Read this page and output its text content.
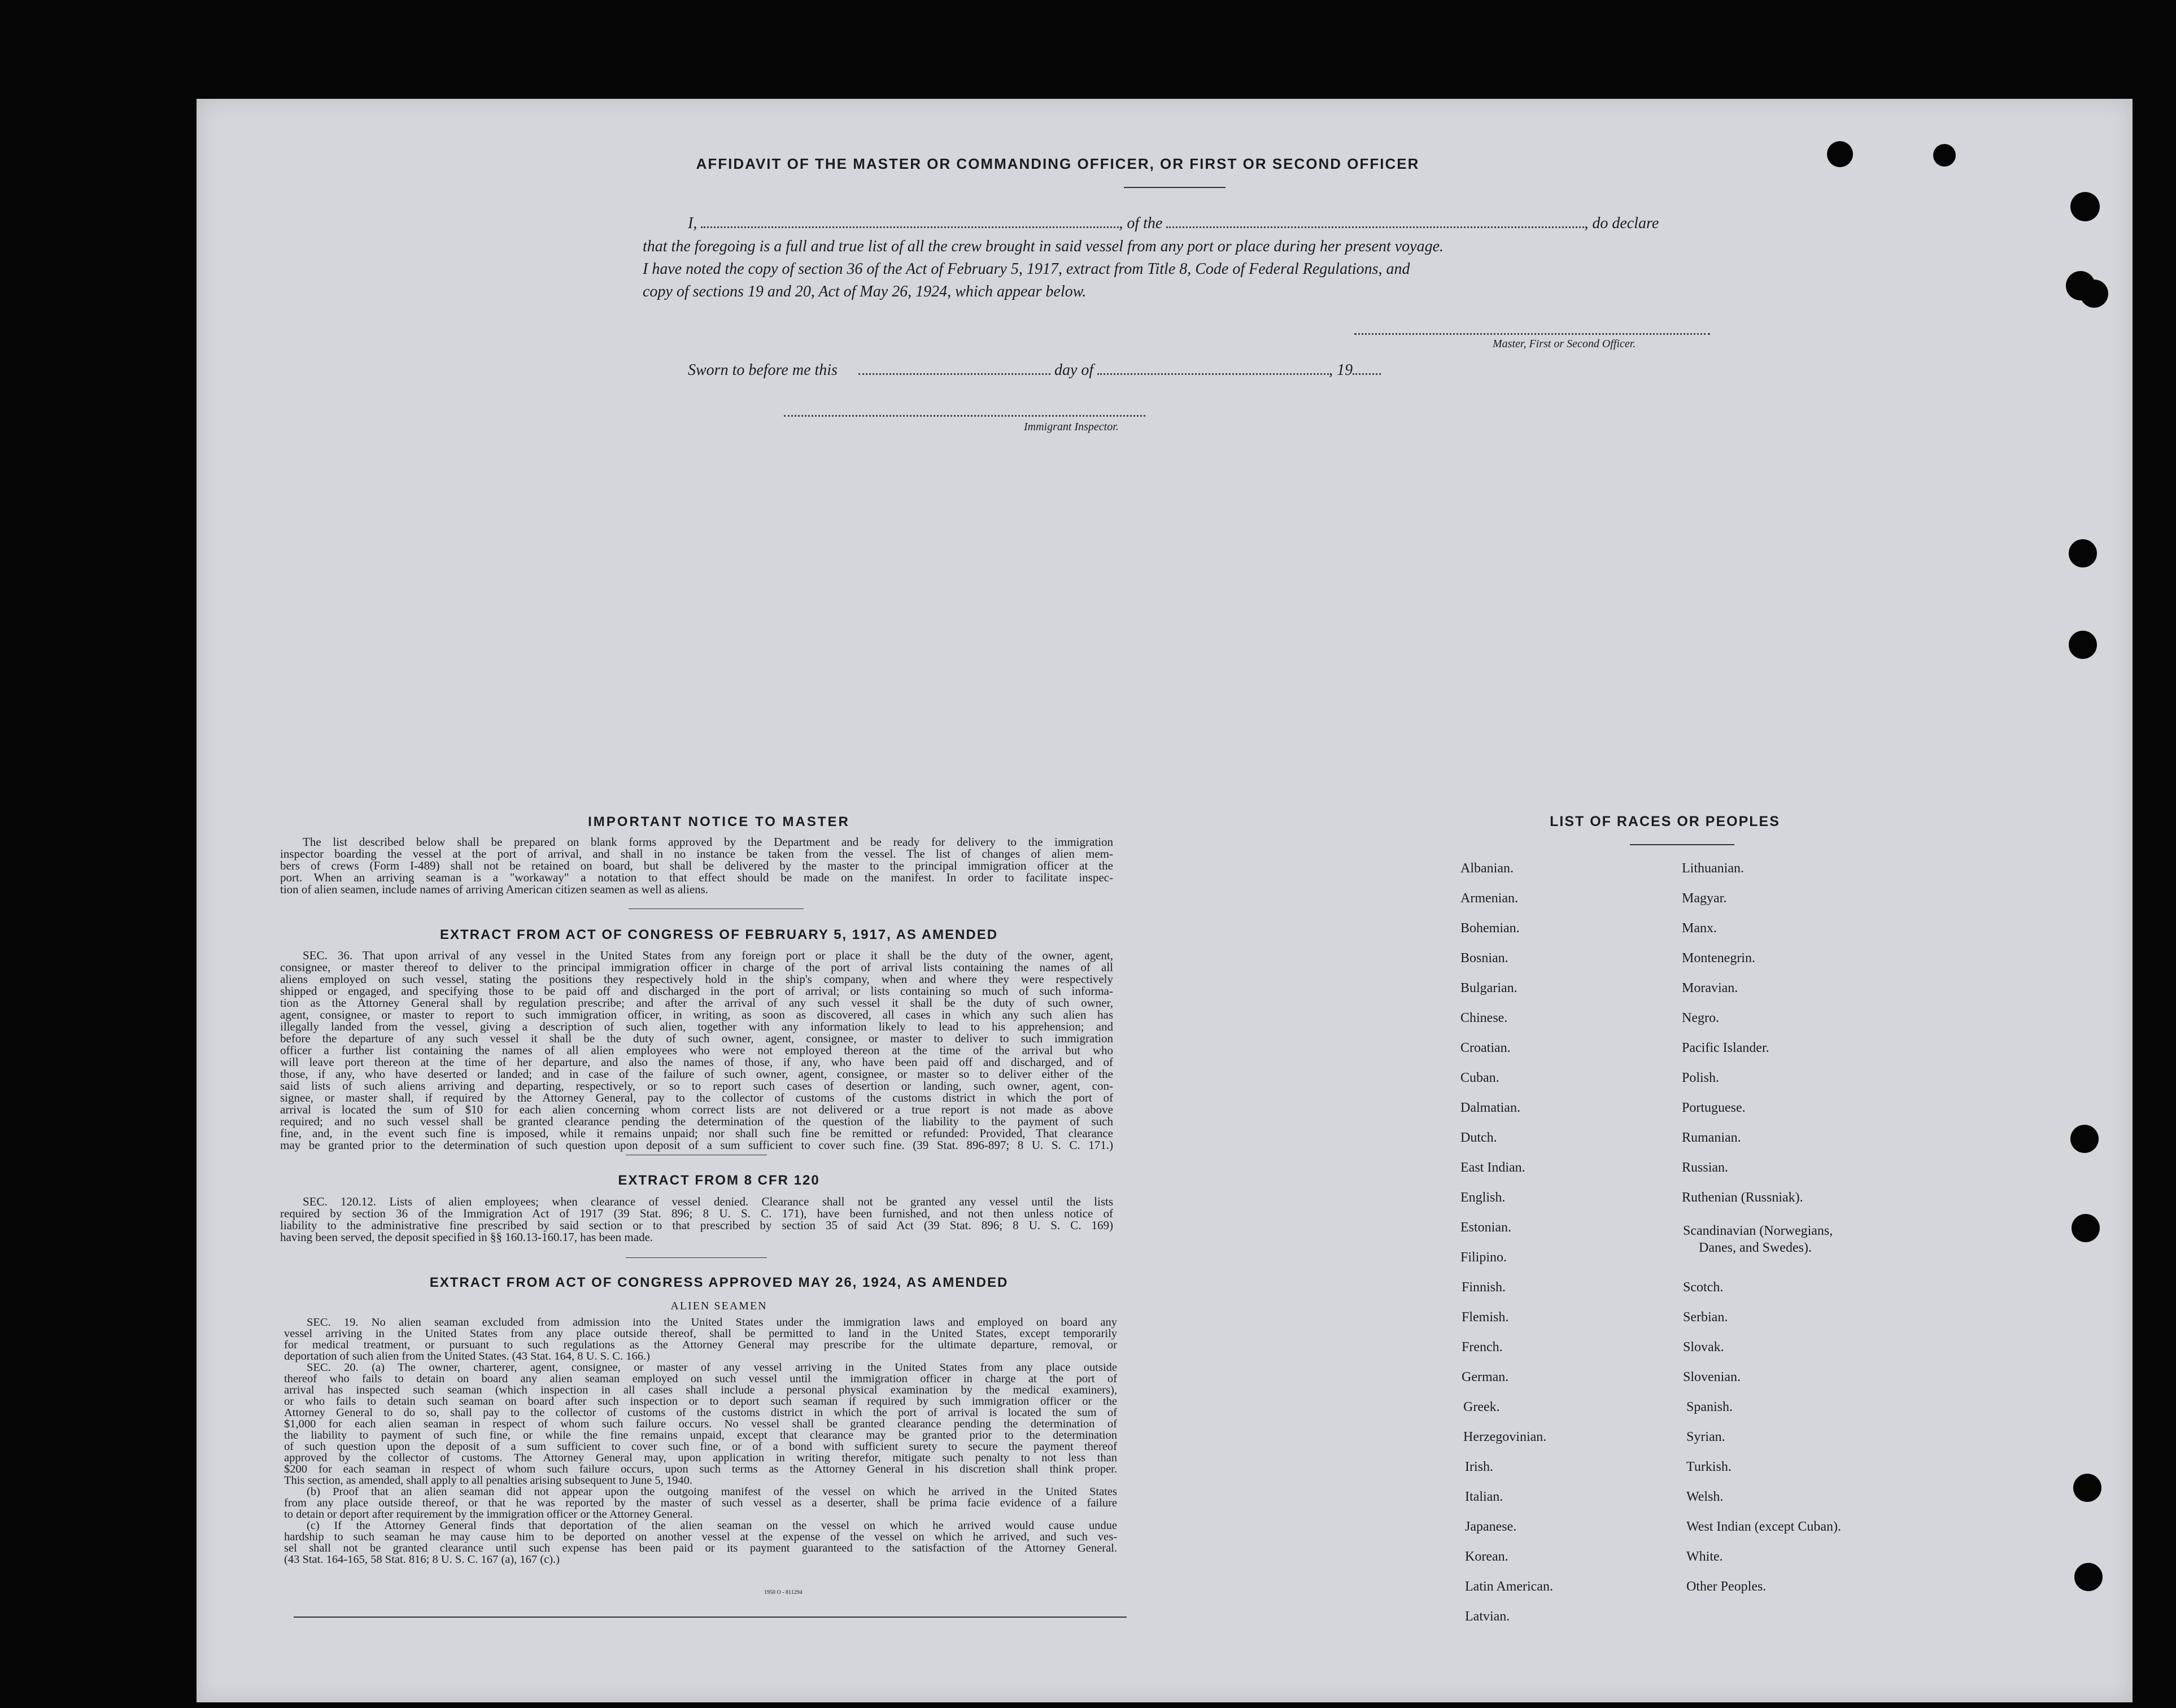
AFFIDAVIT OF THE MASTER OR COMMANDING OFFICER, OR FIRST OR SECOND OFFICER
I,	, of the	, do declare
that the foregoing is a full and true list of all the crew brought in said vessel from any port or place during her present voyage.
I have noted the copy of section 36 of the Act of February 5, 1917, extract from Title 8, Code of Federal Regulations, and
copy of sections 19 and 20, Act of May 26, 1924, which appear below.
Master, First or Second Officer.
Sworn to before me this	day of	, 19
Immigrant Inspector.
IMPORTANT NOTICE TO MASTER
The list described below shall be prepared on blank forms approved by the Department and be ready for delivery to the immigration
inspector boarding the vessel at the port of arrival, and shall in no instance be taken from the vessel. The list of changes of alien mem-
bers of crews (Form I-489) shall not be retained on board, but shall be delivered by the master to the principal immigration officer at the
port. When an arriving seaman is a "workaway" a notation to that effect should be made on the manifest. In order to facilitate inspec-
tion of alien seamen, include names of arriving American citizen seamen as well as aliens.
EXTRACT FROM ACT OF CONGRESS OF FEBRUARY 5, 1917, AS AMENDED
SEC. 36. That upon arrival of any vessel in the United States from any foreign port or place it shall be the duty of the owner, agent,
consignee, or master thereof to deliver to the principal immigration officer in charge of the port of arrival lists containing the names of all
aliens employed on such vessel, stating the positions they respectively hold in the ship's company, when and where they were respectively
shipped or engaged, and specifying those to be paid off and discharged in the port of arrival; or lists containing so much of such informa-
tion as the Attorney General shall by regulation prescribe; and after the arrival of any such vessel it shall be the duty of such owner,
agent, consignee, or master to report to such immigration officer, in writing, as soon as discovered, all cases in which any such alien has
illegally landed from the vessel, giving a description of such alien, together with any information likely to lead to his apprehension; and
before the departure of any such vessel it shall be the duty of such owner, agent, consignee, or master to deliver to such immigration
officer a further list containing the names of all alien employees who were not employed thereon at the time of the arrival but who
will leave port thereon at the time of her departure, and also the names of those, if any, who have been paid off and discharged, and of
those, if any, who have deserted or landed; and in case of the failure of such owner, agent, consignee, or master so to deliver either of the
said lists of such aliens arriving and departing, respectively, or so to report such cases of desertion or landing, such owner, agent, con-
signee, or master shall, if required by the Attorney General, pay to the collector of customs of the customs district in which the port of
arrival is located the sum of $10 for each alien concerning whom correct lists are not delivered or a true report is not made as above
required; and no such vessel shall be granted clearance pending the determination of the question of the liability to the payment of such
fine, and, in the event such fine is imposed, while it remains unpaid; nor shall such fine be remitted or refunded: Provided, That clearance
may be granted prior to the determination of such question upon deposit of a sum sufficient to cover such fine. (39 Stat. 896-897; 8 U. S. C. 171.)
EXTRACT FROM 8 CFR 120
SEC. 120.12. Lists of alien employees; when clearance of vessel denied. Clearance shall not be granted any vessel until the lists
required by section 36 of the Immigration Act of 1917 (39 Stat. 896; 8 U. S. C. 171), have been furnished, and not then unless notice of
liability to the administrative fine prescribed by said section or to that prescribed by section 35 of said Act (39 Stat. 896; 8 U. S. C. 169)
having been served, the deposit specified in §§ 160.13-160.17, has been made.
EXTRACT FROM ACT OF CONGRESS APPROVED MAY 26, 1924, AS AMENDED
ALIEN SEAMEN
SEC. 19. No alien seaman excluded from admission into the United States under the immigration laws and employed on board any
vessel arriving in the United States from any place outside thereof, shall be permitted to land in the United States, except temporarily
for medical treatment, or pursuant to such regulations as the Attorney General may prescribe for the ultimate departure, removal, or
deportation of such alien from the United States. (43 Stat. 164, 8 U. S. C. 166.)
SEC. 20. (a) The owner, charterer, agent, consignee, or master of any vessel arriving in the United States from any place outside
thereof who fails to detain on board any alien seaman employed on such vessel until the immigration officer in charge at the port of
arrival has inspected such seaman (which inspection in all cases shall include a personal physical examination by the medical examiners),
or who fails to detain such seaman on board after such inspection or to deport such seaman if required by such immigration officer or the
Attorney General to do so, shall pay to the collector of customs of the customs district in which the port of arrival is located the sum of
$1,000 for each alien seaman in respect of whom such failure occurs. No vessel shall be granted clearance pending the determination of
the liability to payment of such fine, or while the fine remains unpaid, except that clearance may be granted prior to the determination
of such question upon the deposit of a sum sufficient to cover such fine, or of a bond with sufficient surety to secure the payment thereof
approved by the collector of customs. The Attorney General may, upon application in writing therefor, mitigate such penalty to not less than
$200 for each seaman in respect of whom such failure occurs, upon such terms as the Attorney General in his discretion shall think proper.
This section, as amended, shall apply to all penalties arising subsequent to June 5, 1940.
(b) Proof that an alien seaman did not appear upon the outgoing manifest of the vessel on which he arrived in the United States
from any place outside thereof, or that he was reported by the master of such vessel as a deserter, shall be prima facie evidence of a failure
to detain or deport after requirement by the immigration officer or the Attorney General.
(c) If the Attorney General finds that deportation of the alien seaman on the vessel on which he arrived would cause undue
hardship to such seaman he may cause him to be deported on another vessel at the expense of the vessel on which he arrived, and such ves-
sel shall not be granted clearance until such expense has been paid or its payment guaranteed to the satisfaction of the Attorney General.
(43 Stat. 164-165, 58 Stat. 816; 8 U. S. C. 167 (a), 167 (c).)
1950 O - 811294
LIST OF RACES OR PEOPLES
Albanian.
Armenian.
Bohemian.
Bosnian.
Bulgarian.
Chinese.
Croatian.
Cuban.
Dalmatian.
Dutch.
East Indian.
English.
Estonian.
Filipino.
Finnish.
Flemish.
French.
German.
Greek.
Herzegovinian.
Irish.
Italian.
Japanese.
Korean.
Latin American.
Latvian.
Lithuanian.
Magyar.
Manx.
Montenegrin.
Moravian.
Negro.
Pacific Islander.
Polish.
Portuguese.
Rumanian.
Russian.
Ruthenian (Russniak).
Scandinavian (Norwegians,
Danes, and Swedes).
Scotch.
Serbian.
Slovak.
Slovenian.
Spanish.
Syrian.
Turkish.
Welsh.
West Indian (except Cuban).
White.
Other Peoples.
